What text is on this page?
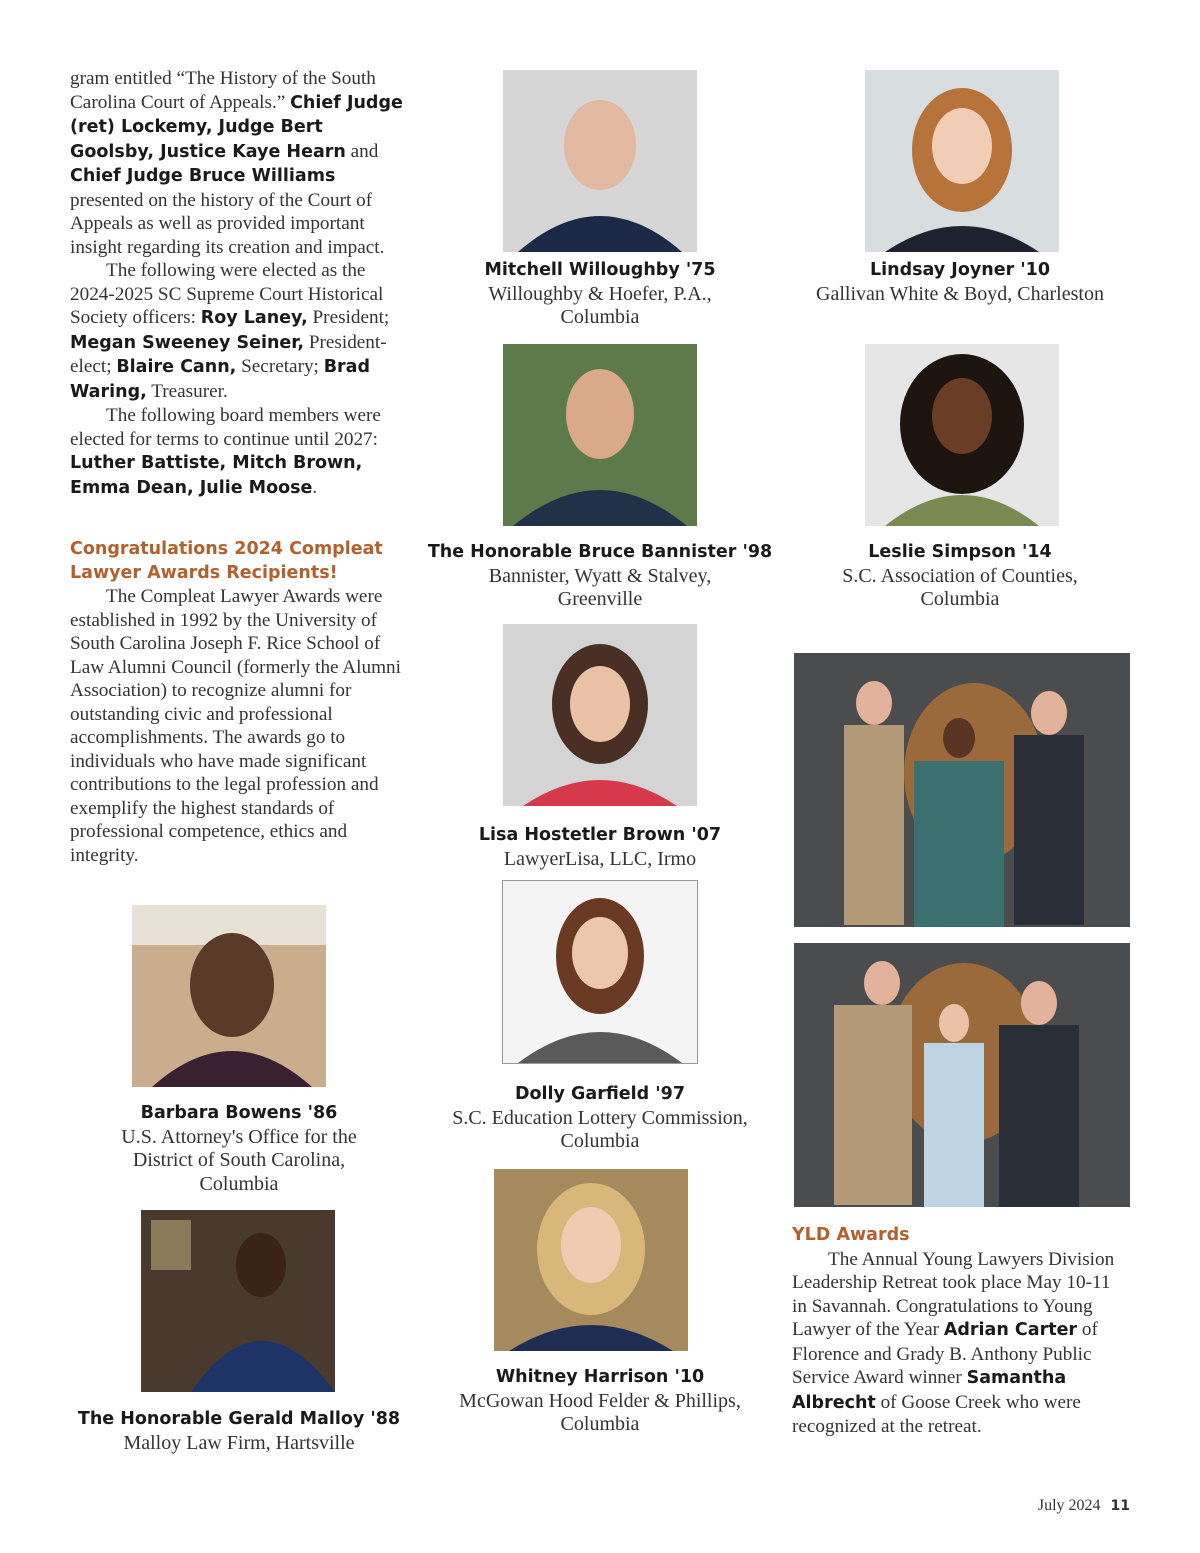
gram entitled “The History of the South Carolina Court of Appeals.” Chief Judge (ret) Lockemy, Judge Bert Goolsby, Justice Kaye Hearn and Chief Judge Bruce Williams presented on the history of the Court of Appeals as well as provided important insight regarding its creation and impact.

The following were elected as the 2024-2025 SC Supreme Court Historical Society officers: Roy Laney, President; Megan Sweeney Seiner, President-elect; Blaire Cann, Secretary; Brad Waring, Treasurer.

The following board members were elected for terms to continue until 2027: Luther Battiste, Mitch Brown, Emma Dean, Julie Moose.

Congratulations 2024 Compleat Lawyer Awards Recipients!

The Compleat Lawyer Awards were established in 1992 by the University of South Carolina Joseph F. Rice School of Law Alumni Council (formerly the Alumni Association) to recognize alumni for outstanding civic and professional accomplishments. The awards go to individuals who have made significant contributions to the legal profession and exemplify the highest standards of professional competence, ethics and integrity.

Barbara Bowens '86
U.S. Attorney's Office for the
District of South Carolina,
Columbia
The Honorable Gerald Malloy '88
Malloy Law Firm, Hartsville
Mitchell Willoughby '75
Willoughby & Hoefer, P.A.,
Columbia
The Honorable Bruce Bannister '98
Bannister, Wyatt & Stalvey,
Greenville
Lisa Hostetler Brown '07
LawyerLisa, LLC, Irmo
Dolly Garfield '97
S.C. Education Lottery Commission,
Columbia
Whitney Harrison '10
McGowan Hood Felder & Phillips,
Columbia
Lindsay Joyner '10
Gallivan White & Boyd, Charleston
Leslie Simpson '14
S.C. Association of Counties,
Columbia

YLD Awards

The Annual Young Lawyers Division Leadership Retreat took place May 10-11 in Savannah. Congratulations to Young Lawyer of the Year Adrian Carter of Florence and Grady B. Anthony Public Service Award winner Samantha Albrecht of Goose Creek who were recognized at the retreat.

July 2024 11
